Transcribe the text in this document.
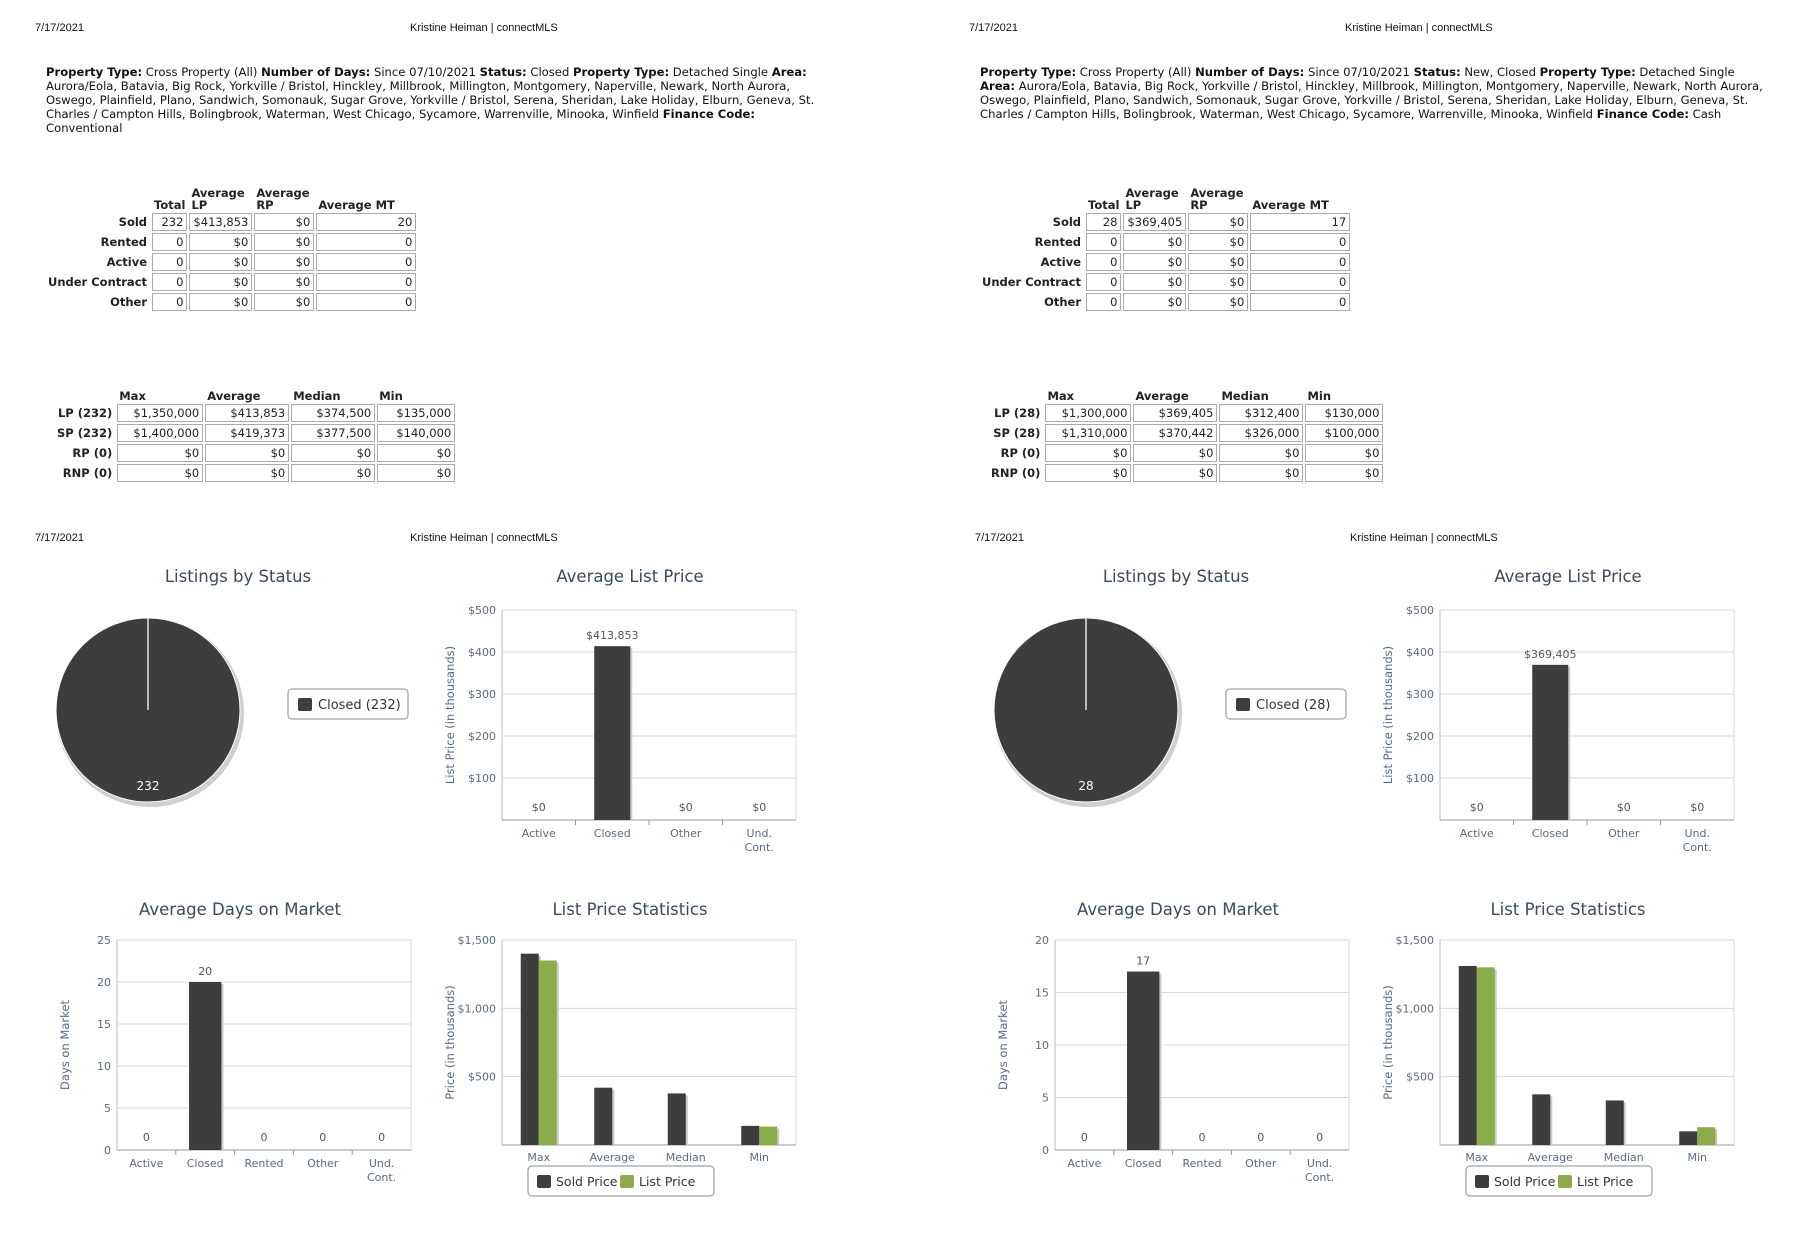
7/17/2021	Kristine Heiman | connectMLS
Property Type: Cross Property (All) Number of Days: Since 07/10/2021 Status: Closed Property Type: Detached Single Area: Aurora/Eola, Batavia, Big Rock, Yorkville / Bristol, Hinckley, Millbrook, Millington, Montgomery, Naperville, Newark, North Aurora, Oswego, Plainfield, Plano, Sandwich, Somonauk, Sugar Grove, Yorkville / Bristol, Serena, Sheridan, Lake Holiday, Elburn, Geneva, St. Charles / Campton Hills, Bolingbrook, Waterman, West Chicago, Sycamore, Warrenville, Minooka, Winfield Finance Code: Conventional
	Total	Average LP	Average RP	Average MT
Sold	232	$413,853	$0	20
Rented	0	$0	$0	0
Active	0	$0	$0	0
Under Contract	0	$0	$0	0
Other	0	$0	$0	0
	Max	Average	Median	Min
LP (232)	$1,350,000	$413,853	$374,500	$135,000
SP (232)	$1,400,000	$419,373	$377,500	$140,000
RP (0)	$0	$0	$0	$0
RNP (0)	$0	$0	$0	$0
7/17/2021	Kristine Heiman | connectMLS
7/17/2021	Kristine Heiman | connectMLS
Property Type: Cross Property (All) Number of Days: Since 07/10/2021 Status: New, Closed Property Type: Detached Single Area: Aurora/Eola, Batavia, Big Rock, Yorkville / Bristol, Hinckley, Millbrook, Millington, Montgomery, Naperville, Newark, North Aurora, Oswego, Plainfield, Plano, Sandwich, Somonauk, Sugar Grove, Yorkville / Bristol, Serena, Sheridan, Lake Holiday, Elburn, Geneva, St. Charles / Campton Hills, Bolingbrook, Waterman, West Chicago, Sycamore, Warrenville, Minooka, Winfield Finance Code: Cash
	Total	Average LP	Average RP	Average MT
Sold	28	$369,405	$0	17
Rented	0	$0	$0	0
Active	0	$0	$0	0
Under Contract	0	$0	$0	0
Other	0	$0	$0	0
	Max	Average	Median	Min
LP (28)	$1,300,000	$369,405	$312,400	$130,000
SP (28)	$1,310,000	$370,442	$326,000	$100,000
RP (0)	$0	$0	$0	$0
RNP (0)	$0	$0	$0	$0
7/17/2021	Kristine Heiman | connectMLS
Listings by Status	Average List Price
Average Days on Market	List Price Statistics
Listings by Status	Average List Price
Average Days on Market	List Price Statistics
232
Closed (232)
$100
$200
$300
$400
$500
$0
Active
$413,853
Closed
$0
Other
$0
Und.
Cont.
List Price (in thousands)
0
5
10
15
20
25
0
Active
20
Closed
0
Rented
0
Other
0
Und.
Cont.
Days on Market	$500
$1,000
$1,500
Max	Average	Median	Min
Price (in thousands)
Sold Price List Price
28
Closed (28)
$100
$200
$300
$400
$500
$0
Active
$369,405
Closed
$0
Other
$0
Und.
Cont.
List Price (in thousands)
0
5
10
15
20
0
Active
17
Closed
0
Rented
0
Other
0
Und.
Cont.
Days on Market	$500
$1,000
$1,500
Max	Average	Median	Min
Price (in thousands)
Sold Price List Price
